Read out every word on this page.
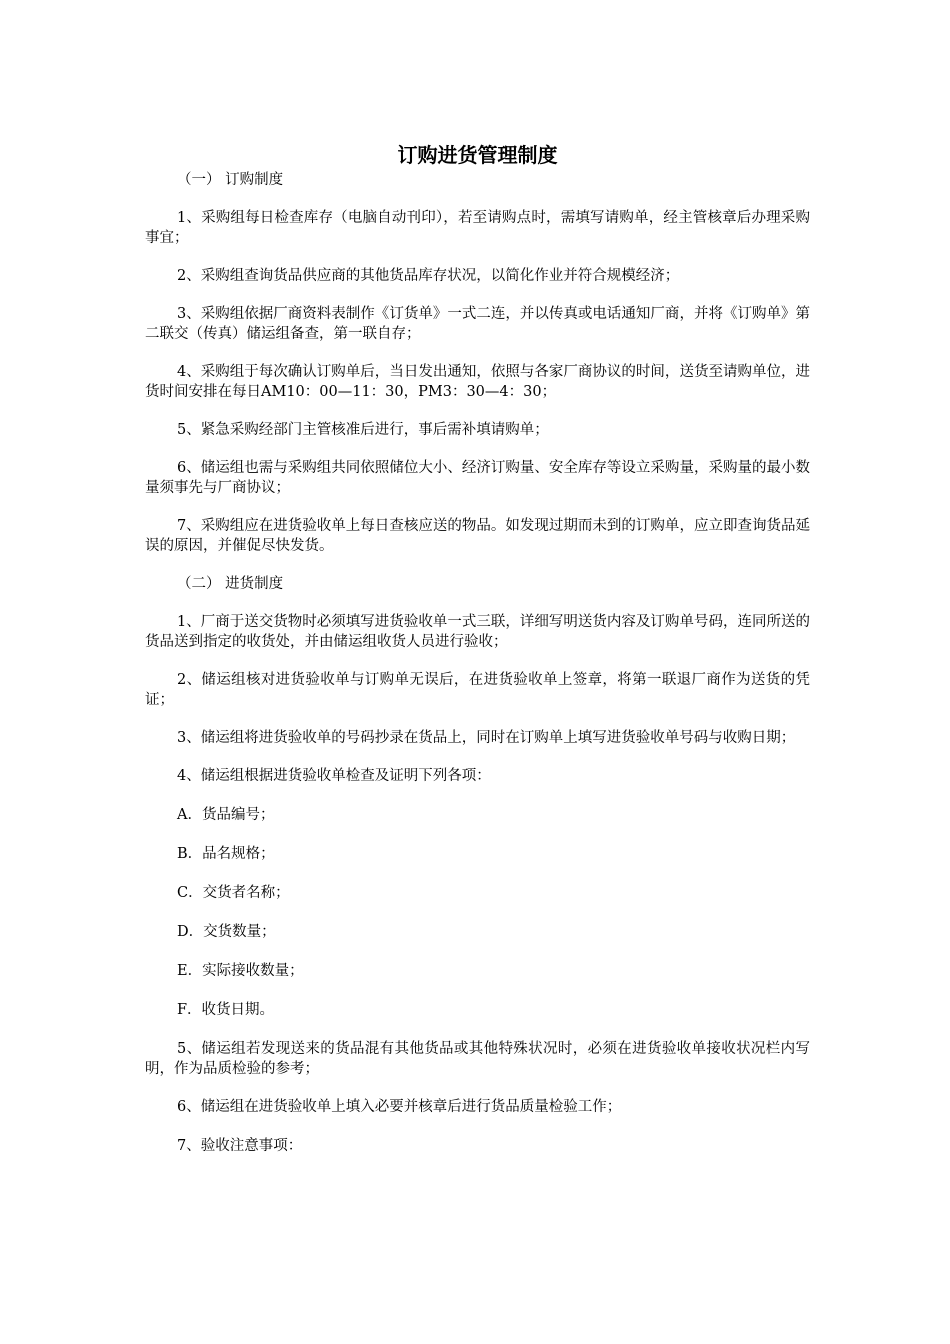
订购进货管理制度

（一） 订购制度

1、采购组每日检查库存（电脑自动刊印），若至请购点时，需填写请购单，经主管核章后办理采购事宜；

2、采购组查询货品供应商的其他货品库存状况，以简化作业并符合规模经济；

3、采购组依据厂商资料表制作《订货单》一式二连，并以传真或电话通知厂商，并将《订购单》第二联交（传真）储运组备查，第一联自存；

4、采购组于每次确认订购单后，当日发出通知，依照与各家厂商协议的时间，送货至请购单位，进货时间安排在每日AM10：00—11：30，PM3：30—4：30；

5、紧急采购经部门主管核准后进行，事后需补填请购单；

6、储运组也需与采购组共同依照储位大小、经济订购量、安全库存等设立采购量，采购量的最小数量须事先与厂商协议；

7、采购组应在进货验收单上每日查核应送的物品。如发现过期而未到的订购单，应立即查询货品延误的原因，并催促尽快发货。

（二） 进货制度

1、厂商于送交货物时必须填写进货验收单一式三联，详细写明送货内容及订购单号码，连同所送的货品送到指定的收货处，并由储运组收货人员进行验收；

2、储运组核对进货验收单与订购单无误后，在进货验收单上签章，将第一联退厂商作为送货的凭证；

3、储运组将进货验收单的号码抄录在货品上，同时在订购单上填写进货验收单号码与收购日期；

4、储运组根据进货验收单检查及证明下列各项：

A．货品编号；

B．品名规格；

C．交货者名称；

D．交货数量；

E．实际接收数量；

F．收货日期。

5、储运组若发现送来的货品混有其他货品或其他特殊状况时，必须在进货验收单接收状况栏内写明，作为品质检验的参考；

6、储运组在进货验收单上填入必要并核章后进行货品质量检验工作；

7、验收注意事项：
